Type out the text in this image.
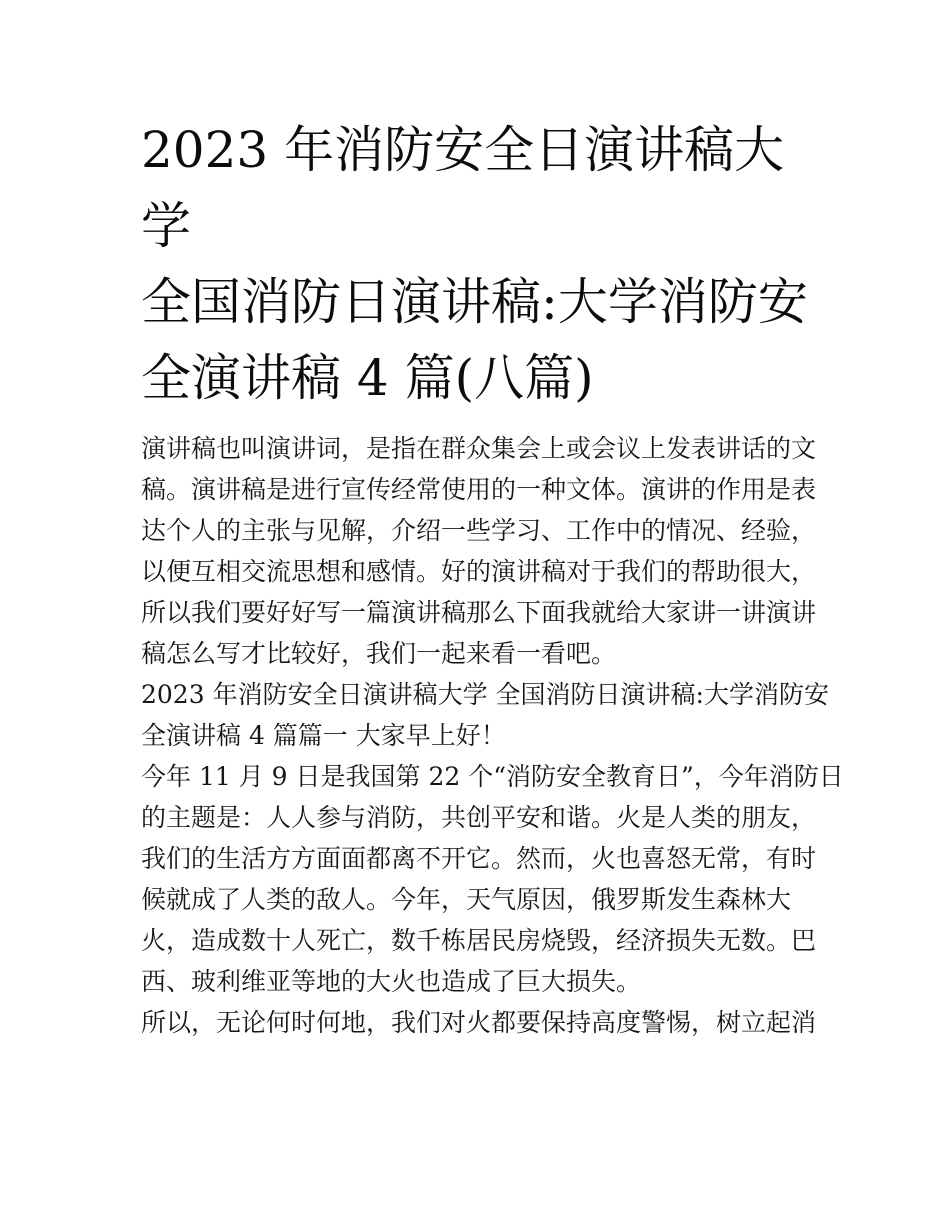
2023 年消防安全日演讲稿大学
全国消防日演讲稿:大学消防安
全演讲稿 4 篇(八篇)

演讲稿也叫演讲词，是指在群众集会上或会议上发表讲话的文
稿。演讲稿是进行宣传经常使用的一种文体。演讲的作用是表
达个人的主张与见解，介绍一些学习、工作中的情况、经验，
以便互相交流思想和感情。好的演讲稿对于我们的帮助很大，
所以我们要好好写一篇演讲稿那么下面我就给大家讲一讲演讲
稿怎么写才比较好，我们一起来看一看吧。

2023 年消防安全日演讲稿大学 全国消防日演讲稿:大学消防安
全演讲稿 4 篇篇一 大家早上好！

今年 11 月 9 日是我国第 22 个“消防安全教育日”，今年消防日
的主题是：人人参与消防，共创平安和谐。火是人类的朋友，
我们的生活方方面面都离不开它。然而，火也喜怒无常，有时
候就成了人类的敌人。今年，天气原因，俄罗斯发生森林大
火，造成数十人死亡，数千栋居民房烧毁，经济损失无数。巴
西、玻利维亚等地的大火也造成了巨大损失。

所以，无论何时何地，我们对火都要保持高度警惕，树立起消
